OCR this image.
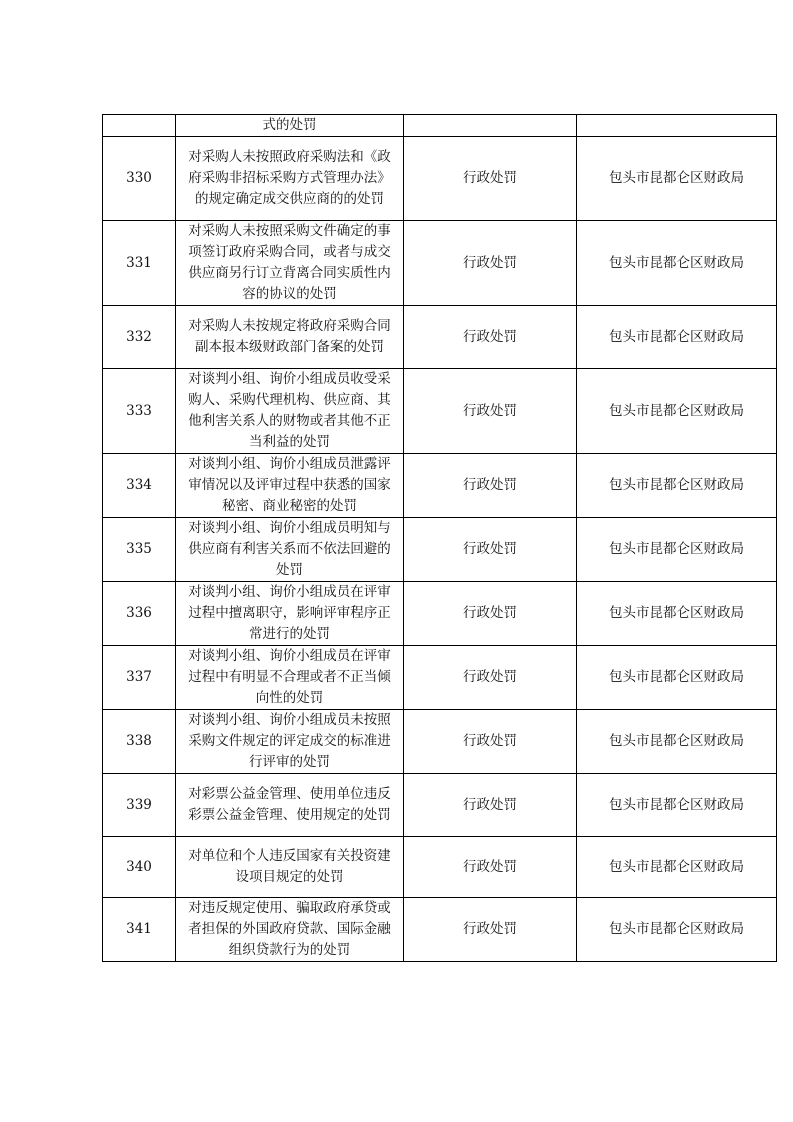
	式的处罚		
330	对采购人未按照政府采购法和《政府采购非招标采购方式管理办法》的规定确定成交供应商的的处罚	行政处罚	包头市昆都仑区财政局
331	对采购人未按照采购文件确定的事项签订政府采购合同，或者与成交供应商另行订立背离合同实质性内容的协议的处罚	行政处罚	包头市昆都仑区财政局
332	对采购人未按规定将政府采购合同副本报本级财政部门备案的处罚	行政处罚	包头市昆都仑区财政局
333	对谈判小组、询价小组成员收受采购人、采购代理机构、供应商、其他利害关系人的财物或者其他不正当利益的处罚	行政处罚	包头市昆都仑区财政局
334	对谈判小组、询价小组成员泄露评审情况以及评审过程中获悉的国家秘密、商业秘密的处罚	行政处罚	包头市昆都仑区财政局
335	对谈判小组、询价小组成员明知与供应商有利害关系而不依法回避的处罚	行政处罚	包头市昆都仑区财政局
336	对谈判小组、询价小组成员在评审过程中擅离职守，影响评审程序正常进行的处罚	行政处罚	包头市昆都仑区财政局
337	对谈判小组、询价小组成员在评审过程中有明显不合理或者不正当倾向性的处罚	行政处罚	包头市昆都仑区财政局
338	对谈判小组、询价小组成员未按照采购文件规定的评定成交的标准进行评审的处罚	行政处罚	包头市昆都仑区财政局
339	对彩票公益金管理、使用单位违反彩票公益金管理、使用规定的处罚	行政处罚	包头市昆都仑区财政局
340	对单位和个人违反国家有关投资建设项目规定的处罚	行政处罚	包头市昆都仑区财政局
341	对违反规定使用、骗取政府承贷或者担保的外国政府贷款、国际金融组织贷款行为的处罚	行政处罚	包头市昆都仑区财政局
